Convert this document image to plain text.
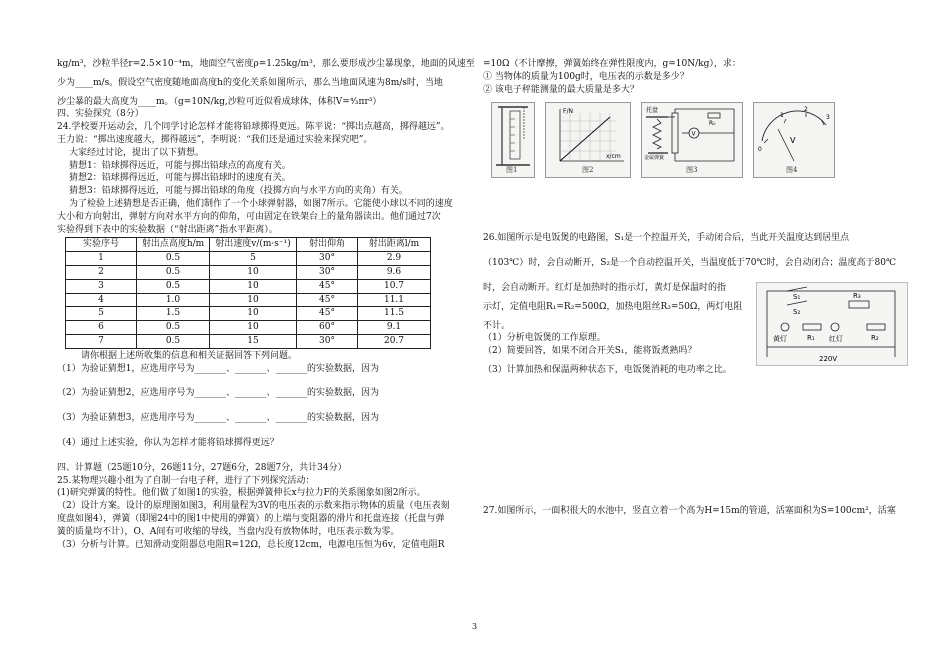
kg/m³，沙粒半径r=2.5×10⁻⁴m，地面空气密度ρ=1.25kg/m³，那么要形成沙尘暴现象，地面的风速至

少为____m/s。假设空气密度随地面高度h的变化关系如图所示，那么当地面风速为8m/s时，当地

沙尘暴的最大高度为____m。（g=10N/kg,沙粒可近似看成球体，体积V=⁴⁄₃πr³）

四、实验探究（8分）

24.学校要开运动会，几个同学讨论怎样才能将铅球掷得更远。陈平说：“掷出点越高，掷得越远”。

王力说：“掷出速度越大，掷得越远”，李明说：“我们还是通过实验来探究吧”。

大家经过讨论，提出了以下猜想。

猜想1：铅球掷得远近，可能与掷出铅球点的高度有关。

猜想2：铅球掷得远近，可能与掷出铅球时的速度有关。

猜想3：铅球掷得远近，可能与掷出铅球的角度（投掷方向与水平方向的夹角）有关。

为了检验上述猜想是否正确，他们制作了一个小球弹射器，如图7所示。它能使小球以不同的速度

大小和方向射出，弹射方向对水平方向的仰角，可由固定在铁架台上的量角器读出。他们通过7次

实验得到下表中的实验数据（“射出距离”指水平距离）。

实验序号	射出点高度h/m	射出速度v/(m·s⁻¹)	射出仰角	射出距离l/m
1	0.5	5	30°	2.9
2	0.5	10	30°	9.6
3	0.5	10	45°	10.7
4	1.0	10	45°	11.1
5	1.5	10	45°	11.5
6	0.5	10	60°	9.1
7	0.5	15	30°	20.7

请你根据上述所收集的信息和相关证据回答下列问题。

（1）为验证猜想1，应选用序号为_______、_______、_______的实验数据，因为

（2）为验证猜想2，应选用序号为_______、_______、_______的实验数据，因为

（3）为验证猜想3，应选用序号为_______、_______、_______的实验数据，因为

（4）通过上述实验，你认为怎样才能将铅球掷得更远？

四、计算题（25题10分，26题11分，27题6分，28题7分，共计34分）

25.某物理兴趣小组为了自制一台电子秤，进行了下列探究活动：

(1)研究弹簧的特性。他们做了如图1的实验，根据弹簧伸长x与拉力F的关系图象如图2所示。

（2）设计方案。设计的原理图如图3，利用量程为3V的电压表的示数来指示物体的质量（电压表刻

度盘如图4），弹簧（即图24中的图1中使用的弹簧）的上端与变阻器的滑片和托盘连接（托盘与弹

簧的质量均不计），O、A间有可收缩的导线，当盘内没有放物体时，电压表示数为零。

（3）分析与计算。已知滑动变阻器总电阻R=12Ω，总长度12cm，电源电压恒为6v，定值电阻R

=10Ω（不计摩擦，弹簧始终在弹性限度内，g=10N/kg），求：

① 当物体的质量为100g时，电压表的示数是多少？

② 该电子秤能测量的最大质量是多大？

图1
F/N
x/cm
图2
V
托盘
金属弹簧
R₀
图3
0
1
2
3
V
图4

26.如图所示是电饭煲的电路图，S₁是一个控温开关，手动闭合后，当此开关温度达到居里点

（103℃）时，会自动断开，S₂是一个自动控温开关，当温度低于70℃时，会自动闭合；温度高于80℃

时，会自动断开。红灯是加热时的指示灯，黄灯是保温时的指

示灯，定值电阻R₁=R₂=500Ω，加热电阻丝R₃=50Ω，两灯电阻

不计。

（1）分析电饭煲的工作原理。

（2）简要回答，如果不闭合开关S₁，能将饭煮熟吗？

（3）计算加热和保温两种状态下，电饭煲消耗的电功率之比。

S₁
S₂
R₃
R₁	R₂
黄灯	红灯
220V

27.如图所示，一面积很大的水池中，竖直立着一个高为H=15m的管道，活塞面积为S=100cm²，活塞

3
